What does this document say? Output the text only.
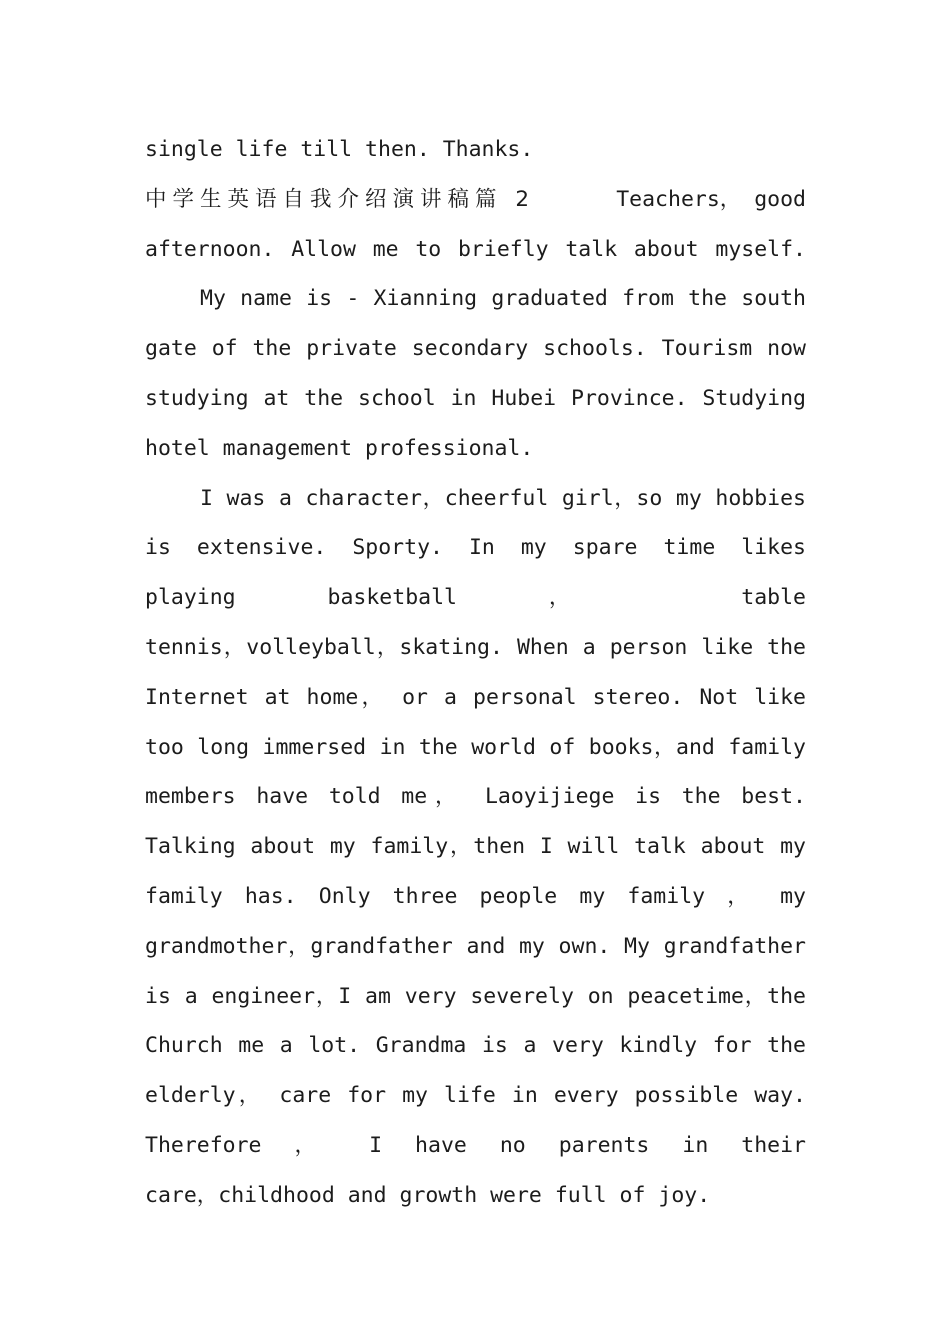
single life till then. Thanks.
中学生英语自我介绍演讲稿篇 2	Teachers， good
afternoon. Allow me to briefly talk about myself.
My name is - Xianning graduated from the south
gate of the private secondary schools. Tourism now
studying at the school in Hubei Province. Studying
hotel management professional.
I was a character，cheerful girl，so my hobbies
is extensive. Sporty. In my spare time likes
playing basketball ， table
tennis，volleyball，skating. When a person like the
Internet at home， or a personal stereo. Not like
too long immersed in the world of books，and family
members have told me， Laoyijiege is the best.
Talking about my family，then I will talk about my
family has. Only three people my family ， my
grandmother，grandfather and my own. My grandfather
is a engineer，I am very severely on peacetime，the
Church me a lot. Grandma is a very kindly for the
elderly， care for my life in every possible way.
Therefore ， I have no parents in their
care，childhood and growth were full of joy.
